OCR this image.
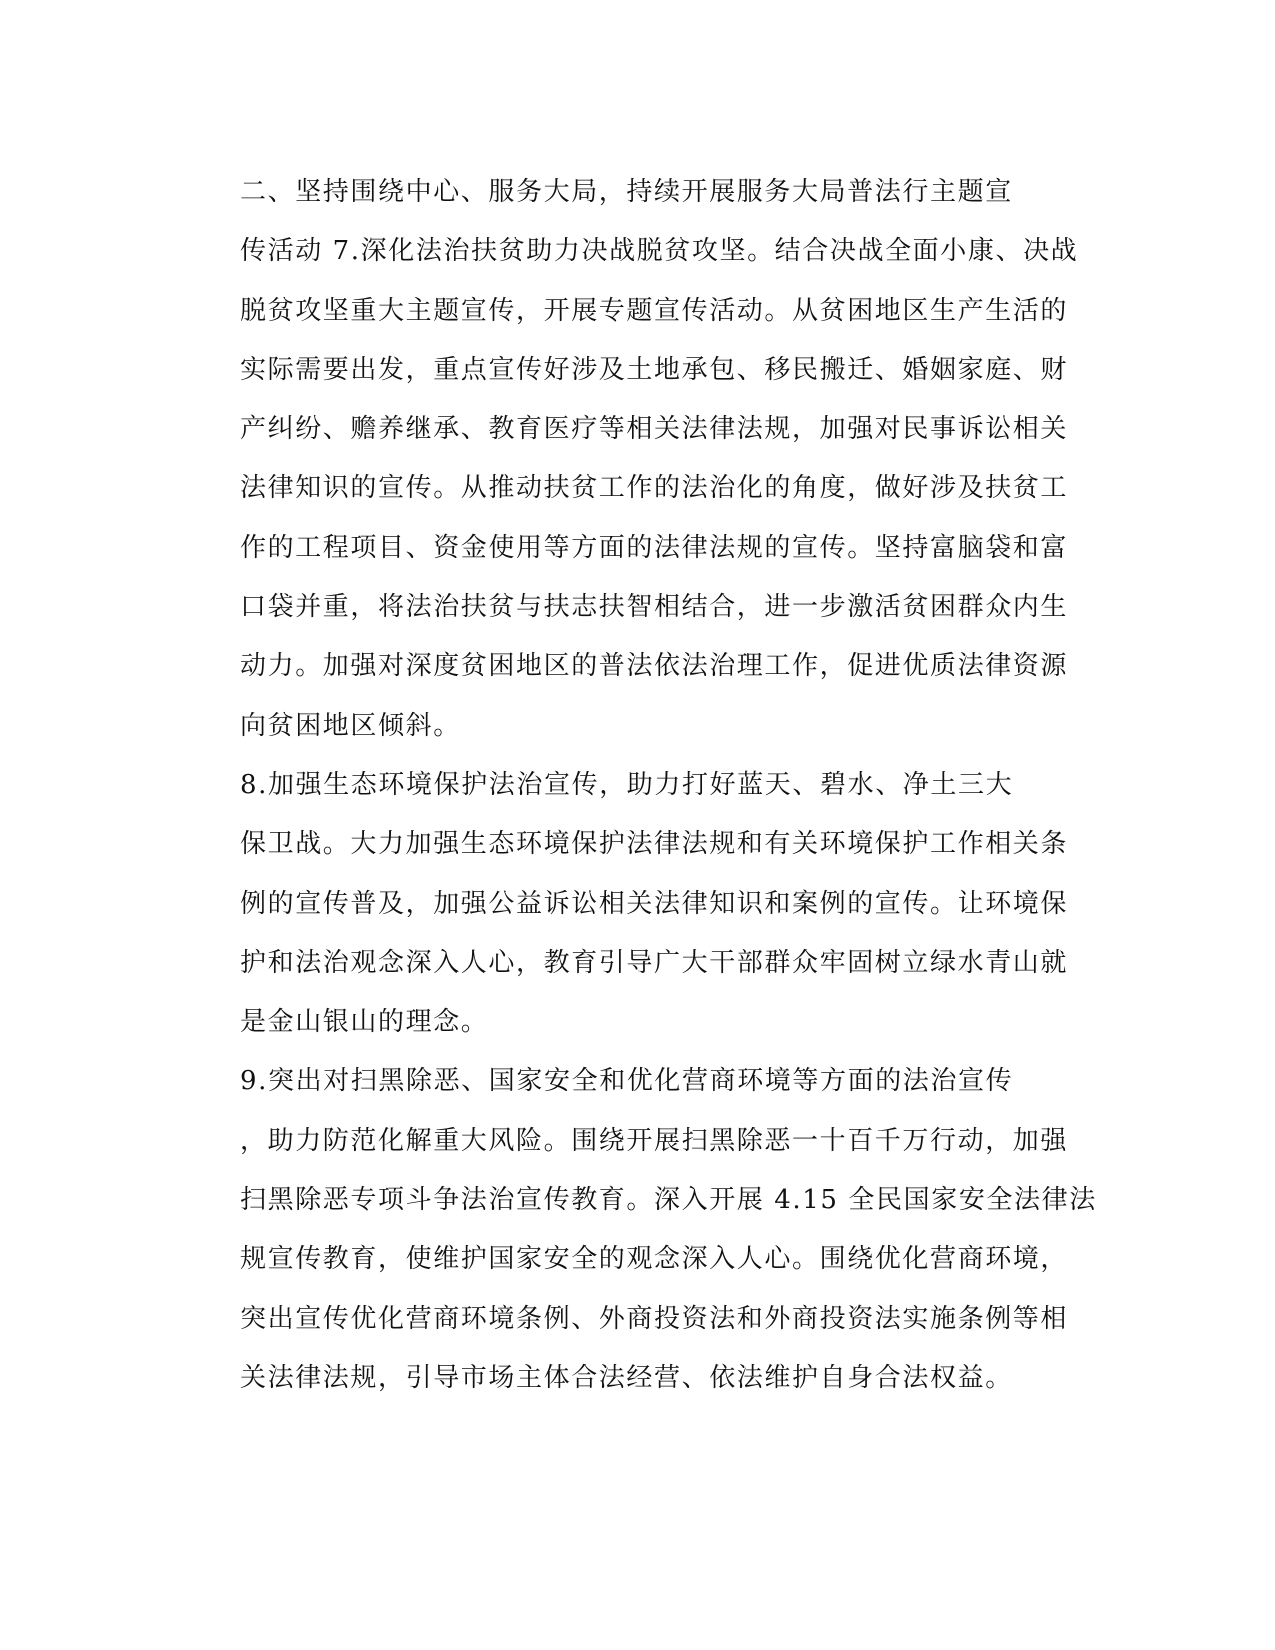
二、坚持围绕中心、服务大局，持续开展服务大局普法行主题宣
传活动 7.深化法治扶贫助力决战脱贫攻坚。结合决战全面小康、决战
脱贫攻坚重大主题宣传，开展专题宣传活动。从贫困地区生产生活的
实际需要出发，重点宣传好涉及土地承包、移民搬迁、婚姻家庭、财
产纠纷、赡养继承、教育医疗等相关法律法规，加强对民事诉讼相关
法律知识的宣传。从推动扶贫工作的法治化的角度，做好涉及扶贫工
作的工程项目、资金使用等方面的法律法规的宣传。坚持富脑袋和富
口袋并重，将法治扶贫与扶志扶智相结合，进一步激活贫困群众内生
动力。加强对深度贫困地区的普法依法治理工作，促进优质法律资源
向贫困地区倾斜。

8.加强生态环境保护法治宣传，助力打好蓝天、碧水、净土三大
保卫战。大力加强生态环境保护法律法规和有关环境保护工作相关条
例的宣传普及，加强公益诉讼相关法律知识和案例的宣传。让环境保
护和法治观念深入人心，教育引导广大干部群众牢固树立绿水青山就
是金山银山的理念。

9.突出对扫黑除恶、国家安全和优化营商环境等方面的法治宣传
，助力防范化解重大风险。围绕开展扫黑除恶一十百千万行动，加强
扫黑除恶专项斗争法治宣传教育。深入开展 4.15 全民国家安全法律法
规宣传教育，使维护国家安全的观念深入人心。围绕优化营商环境，
突出宣传优化营商环境条例、外商投资法和外商投资法实施条例等相
关法律法规，引导市场主体合法经营、依法维护自身合法权益。
